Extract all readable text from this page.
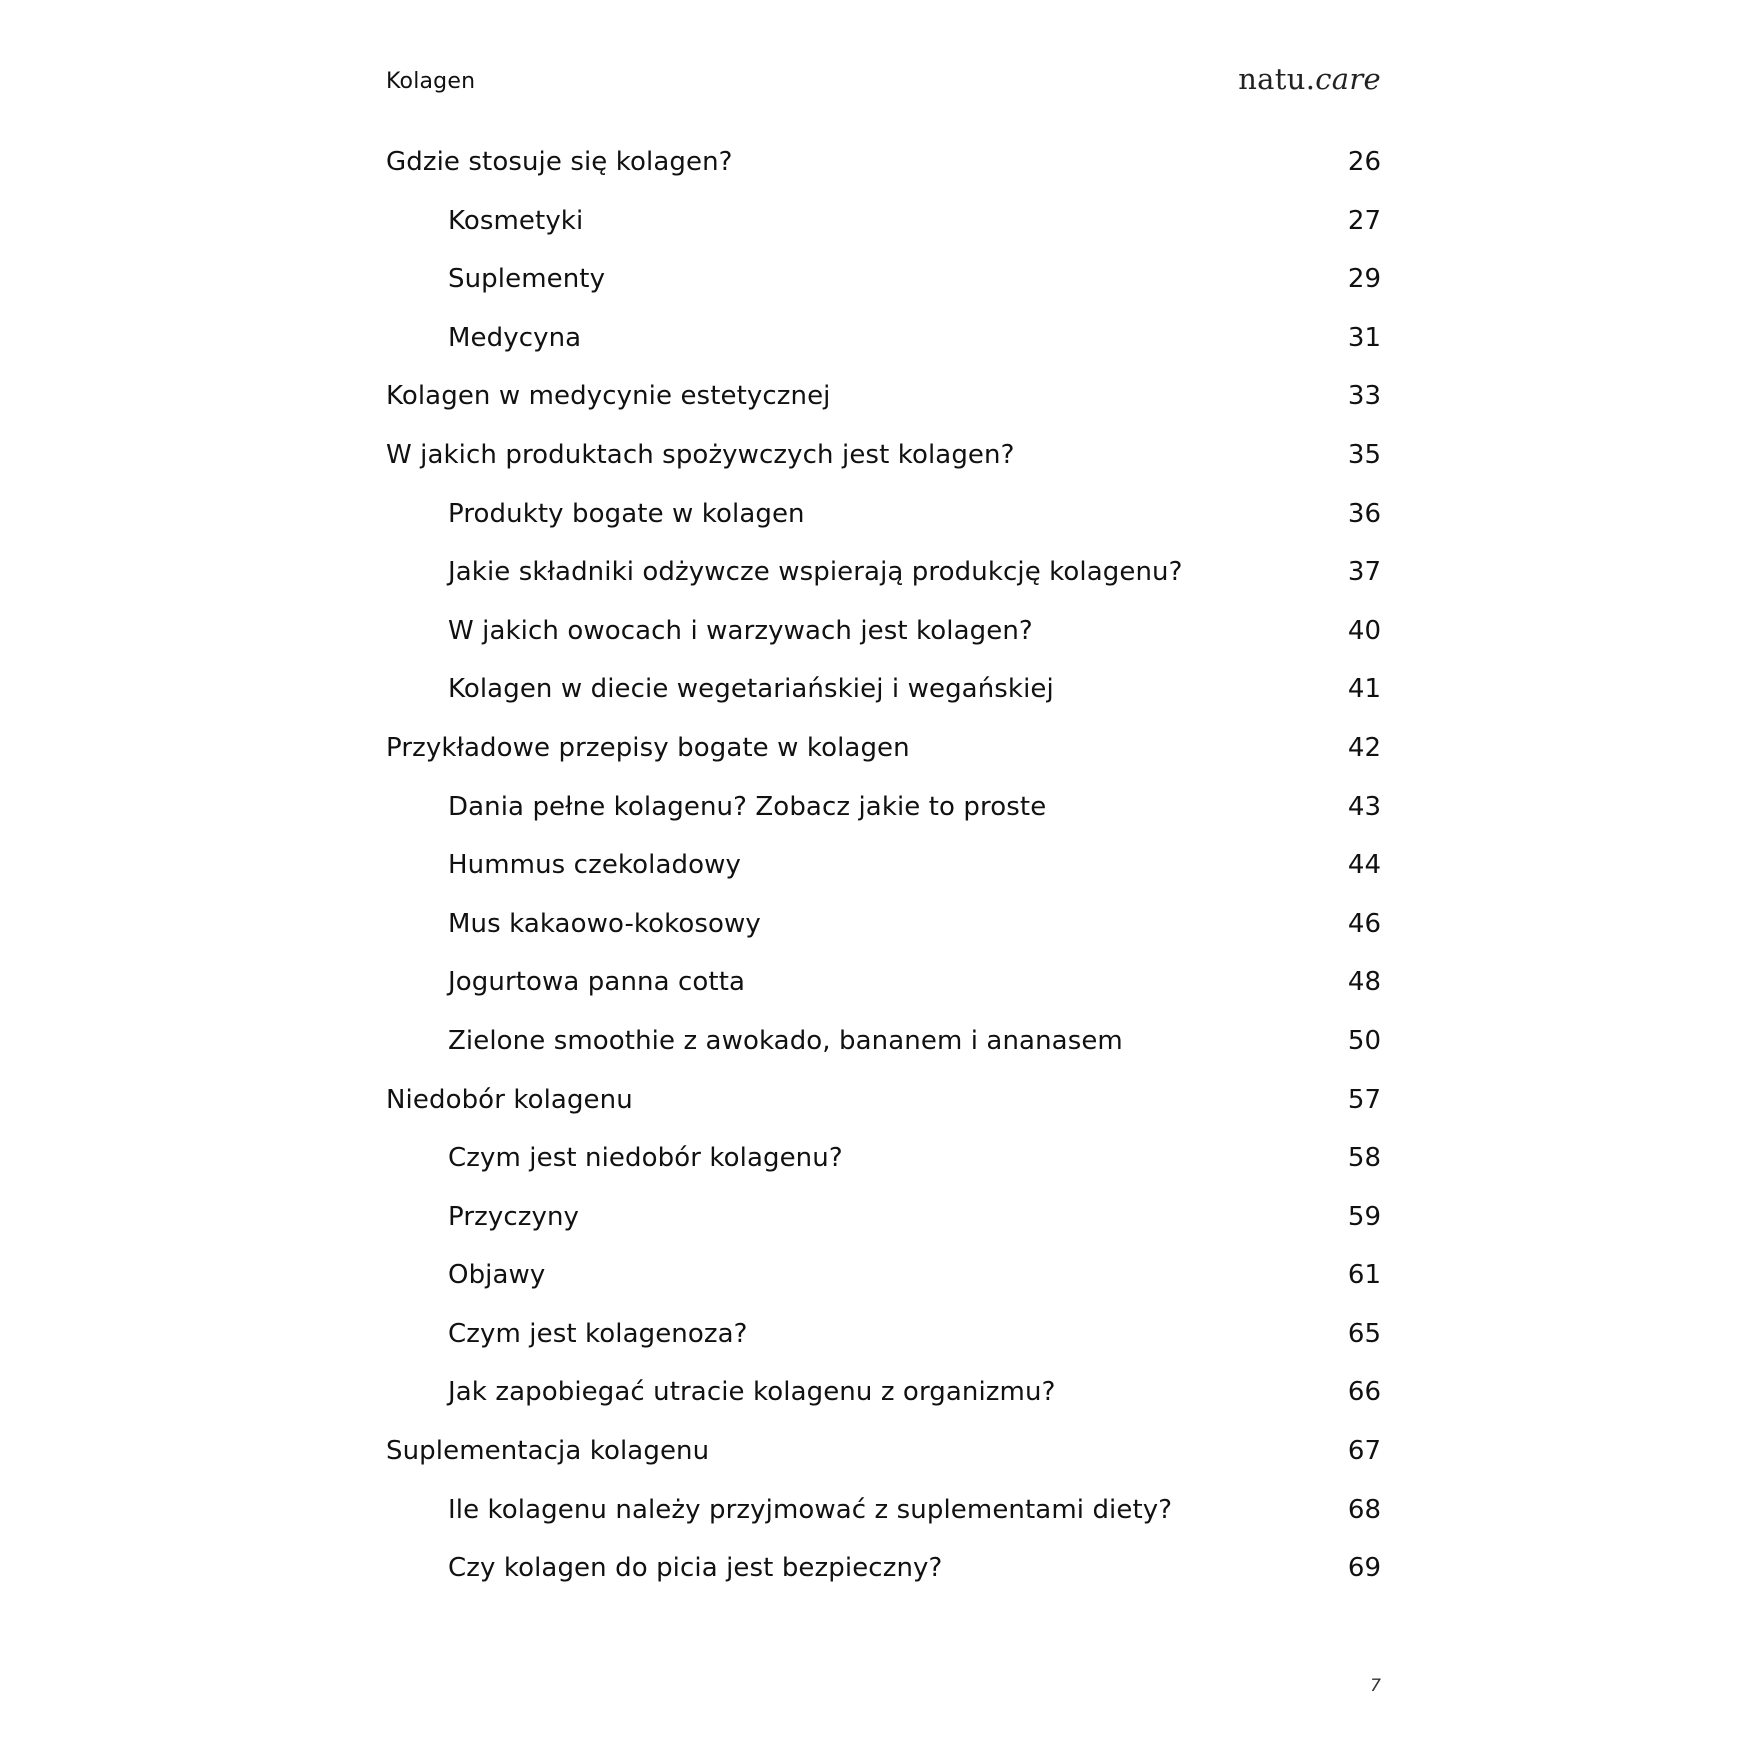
Kolagen	natu.care
Gdzie stosuje się kolagen?	26
Kosmetyki	27
Suplementy	29
Medycyna	31
Kolagen w medycynie estetycznej	33
W jakich produktach spożywczych jest kolagen?	35
Produkty bogate w kolagen	36
Jakie składniki odżywcze wspierają produkcję kolagenu?	37
W jakich owocach i warzywach jest kolagen?	40
Kolagen w diecie wegetariańskiej i wegańskiej	41
Przykładowe przepisy bogate w kolagen	42
Dania pełne kolagenu? Zobacz jakie to proste	43
Hummus czekoladowy	44
Mus kakaowo-kokosowy	46
Jogurtowa panna cotta	48
Zielone smoothie z awokado, bananem i ananasem	50
Niedobór kolagenu	57
Czym jest niedobór kolagenu?	58
Przyczyny	59
Objawy	61
Czym jest kolagenoza?	65
Jak zapobiegać utracie kolagenu z organizmu?	66
Suplementacja kolagenu	67
Ile kolagenu należy przyjmować z suplementami diety?	68
Czy kolagen do picia jest bezpieczny?	69
7
